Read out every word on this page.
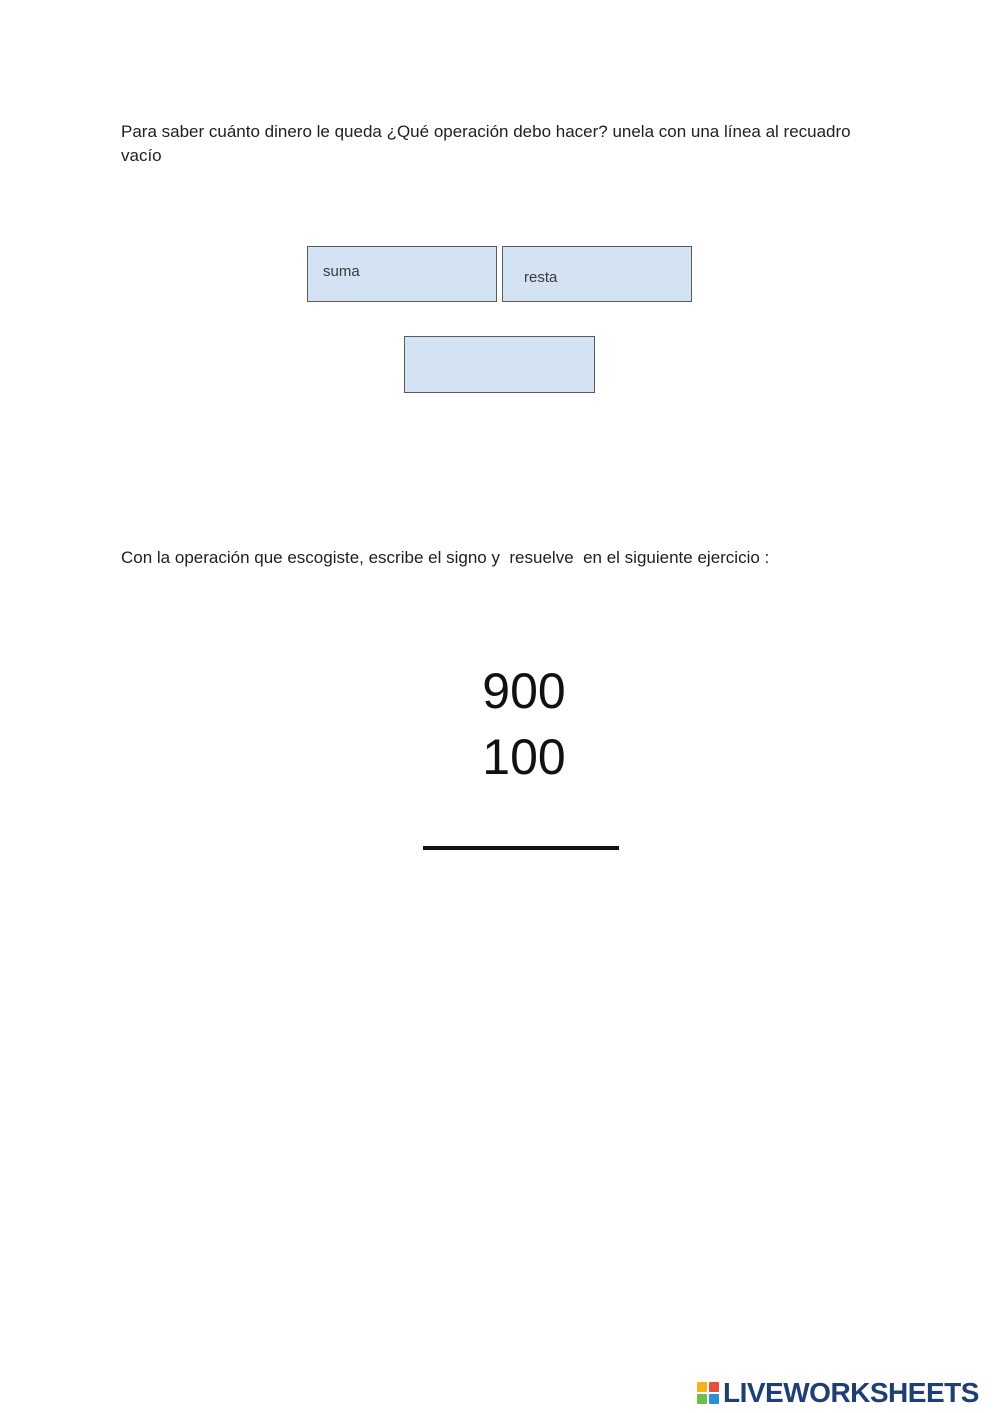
Para saber cuánto dinero le queda ¿Qué operación debo hacer? unela con una línea al recuadro vacío
suma	resta
Con la operación que escogiste, escribe el signo y  resuelve  en el siguiente ejercicio :
900
100
LIVEWORKSHEETS
